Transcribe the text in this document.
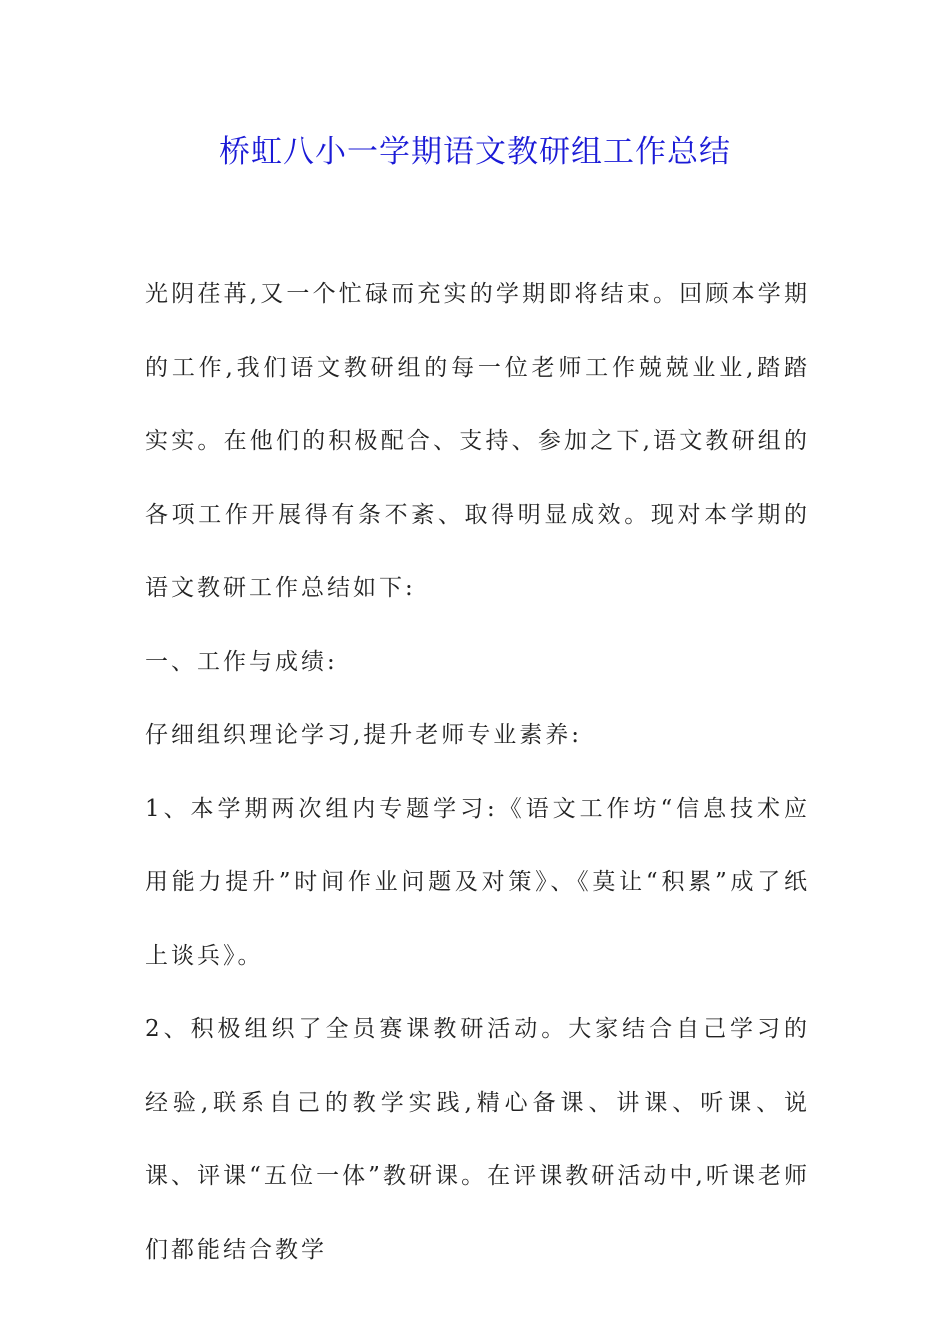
桥虹八小一学期语文教研组工作总结

光阴荏苒,又一个忙碌而充实的学期即将结束。回顾本学期的工作,我们语文教研组的每一位老师工作兢兢业业,踏踏实实。在他们的积极配合、支持、参加之下,语文教研组的各项工作开展得有条不紊、取得明显成效。现对本学期的语文教研工作总结如下:

一、工作与成绩:

仔细组织理论学习,提升老师专业素养:

1、本学期两次组内专题学习:《语文工作坊“信息技术应用能力提升”时间作业问题及对策》、《莫让“积累”成了纸上谈兵》。

2、积极组织了全员赛课教研活动。大家结合自己学习的经验,联系自己的教学实践,精心备课、讲课、听课、说课、评课“五位一体”教研课。在评课教研活动中,听课老师们都能结合教学
